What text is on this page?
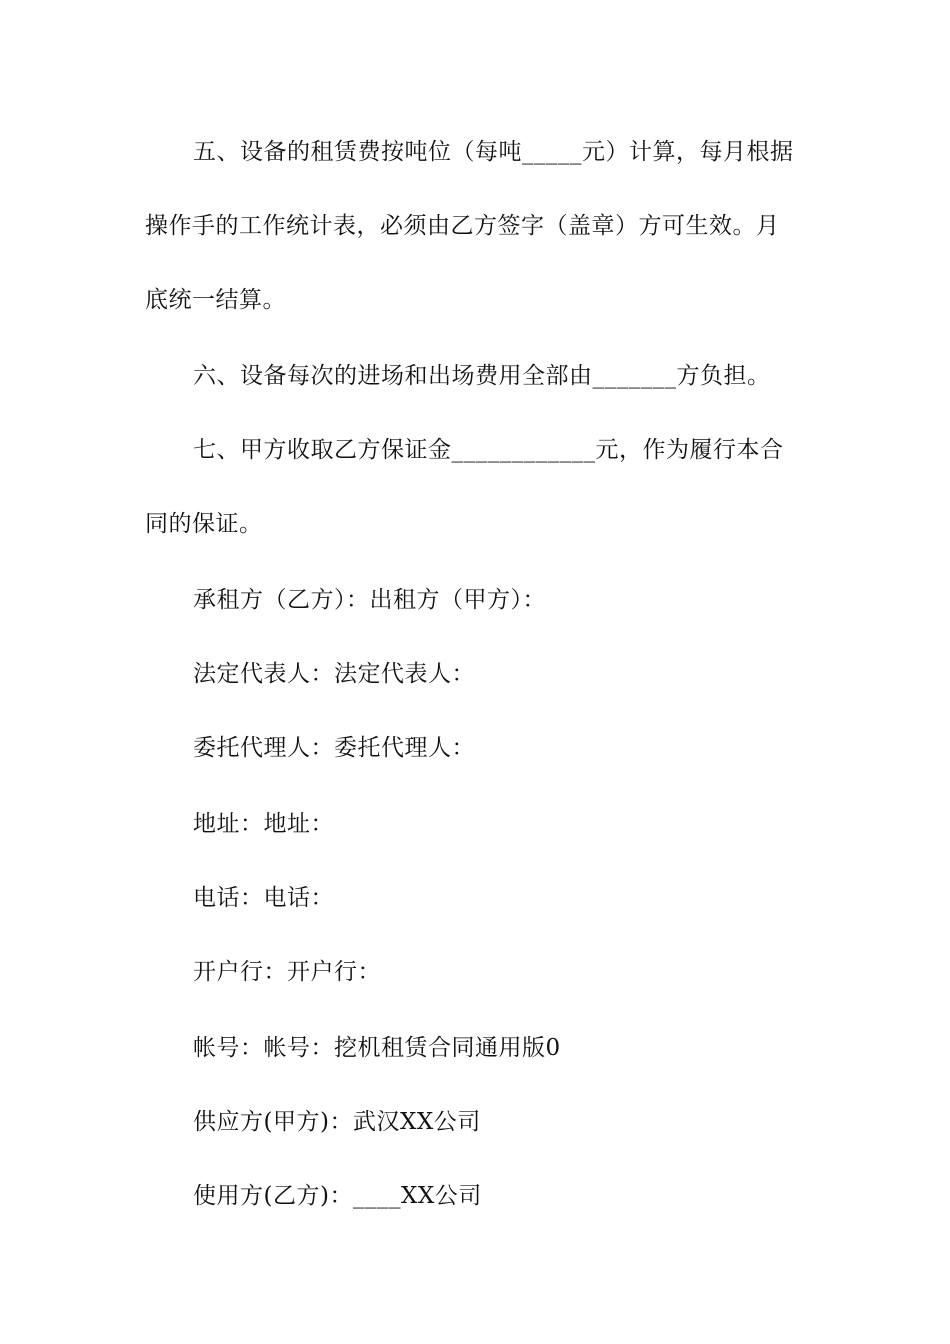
五、设备的租赁费按吨位（每吨_____元）计算，每月根据
操作手的工作统计表，必须由乙方签字（盖章）方可生效。月
底统一结算。
六、设备每次的进场和出场费用全部由_______方负担。
七、甲方收取乙方保证金____________元，作为履行本合
同的保证。
承租方（乙方）：出租方（甲方）：
法定代表人：法定代表人：
委托代理人：委托代理人：
地址：地址：
电话：电话：
开户行：开户行：
帐号：帐号：挖机租赁合同通用版0
供应方(甲方)：武汉XX公司
使用方(乙方)：____XX公司
